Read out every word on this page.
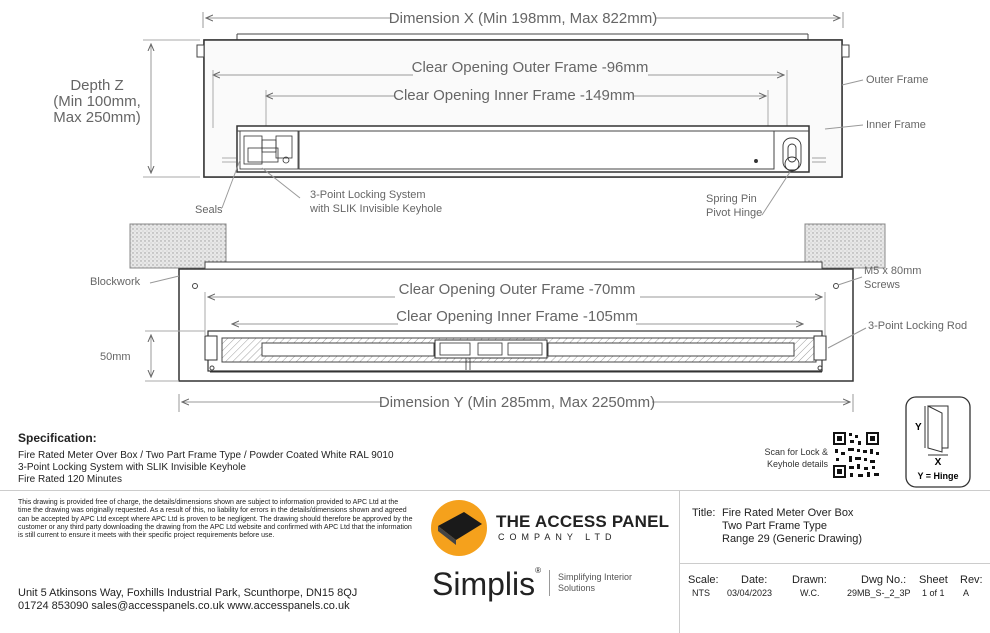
Dimension X (Min 198mm, Max 822mm)
Depth Z
(Min 100mm,
Max 250mm)
Clear Opening Outer Frame -96mm
Clear Opening Inner Frame -149mm
Outer Frame
Inner Frame
Seals
3-Point Locking System
with SLIK Invisible Keyhole
Spring Pin
Pivot Hinge
Blockwork
M5 x 80mm
Screws
Clear Opening Outer Frame -70mm
Clear Opening Inner Frame -105mm
3-Point Locking Rod
50mm
Dimension Y (Min 285mm, Max 2250mm)
Y
X
Y = Hinge
Scan for Lock &
Keyhole details
Specification:
Fire Rated Meter Over Box / Two Part Frame Type / Powder Coated White RAL 9010
3-Point Locking System with SLIK Invisible Keyhole
Fire Rated 120 Minutes
This drawing is provided free of charge, the details/dimensions shown are subject to information provided to APC Ltd at the time the drawing was originally requested. As a result of this, no liability for errors in the details/dimensions shown and agreed can be accepted by APC Ltd except where APC Ltd is proven to be negligent. The drawing should therefore be approved by the customer or any third party downloading the drawing from the APC Ltd website and confirmed with APC Ltd that the information is still current to ensure it meets with their specific project requirements before use.
Unit 5 Atkinsons Way, Foxhills Industrial Park, Scunthorpe, DN15 8QJ
01724 853090 sales@accesspanels.co.uk www.accesspanels.co.uk
THE ACCESS PANEL
COMPANY LTD
Simplis®
Simplifying Interior
Solutions
Title: Fire Rated Meter Over Box
Two Part Frame Type
Range 29 (Generic Drawing)
Scale: Date: Drawn:	Dwg No.: Sheet Rev:
NTS 03/04/2023	W.C.	29MB_S-_2_3P 1 of 1 A
